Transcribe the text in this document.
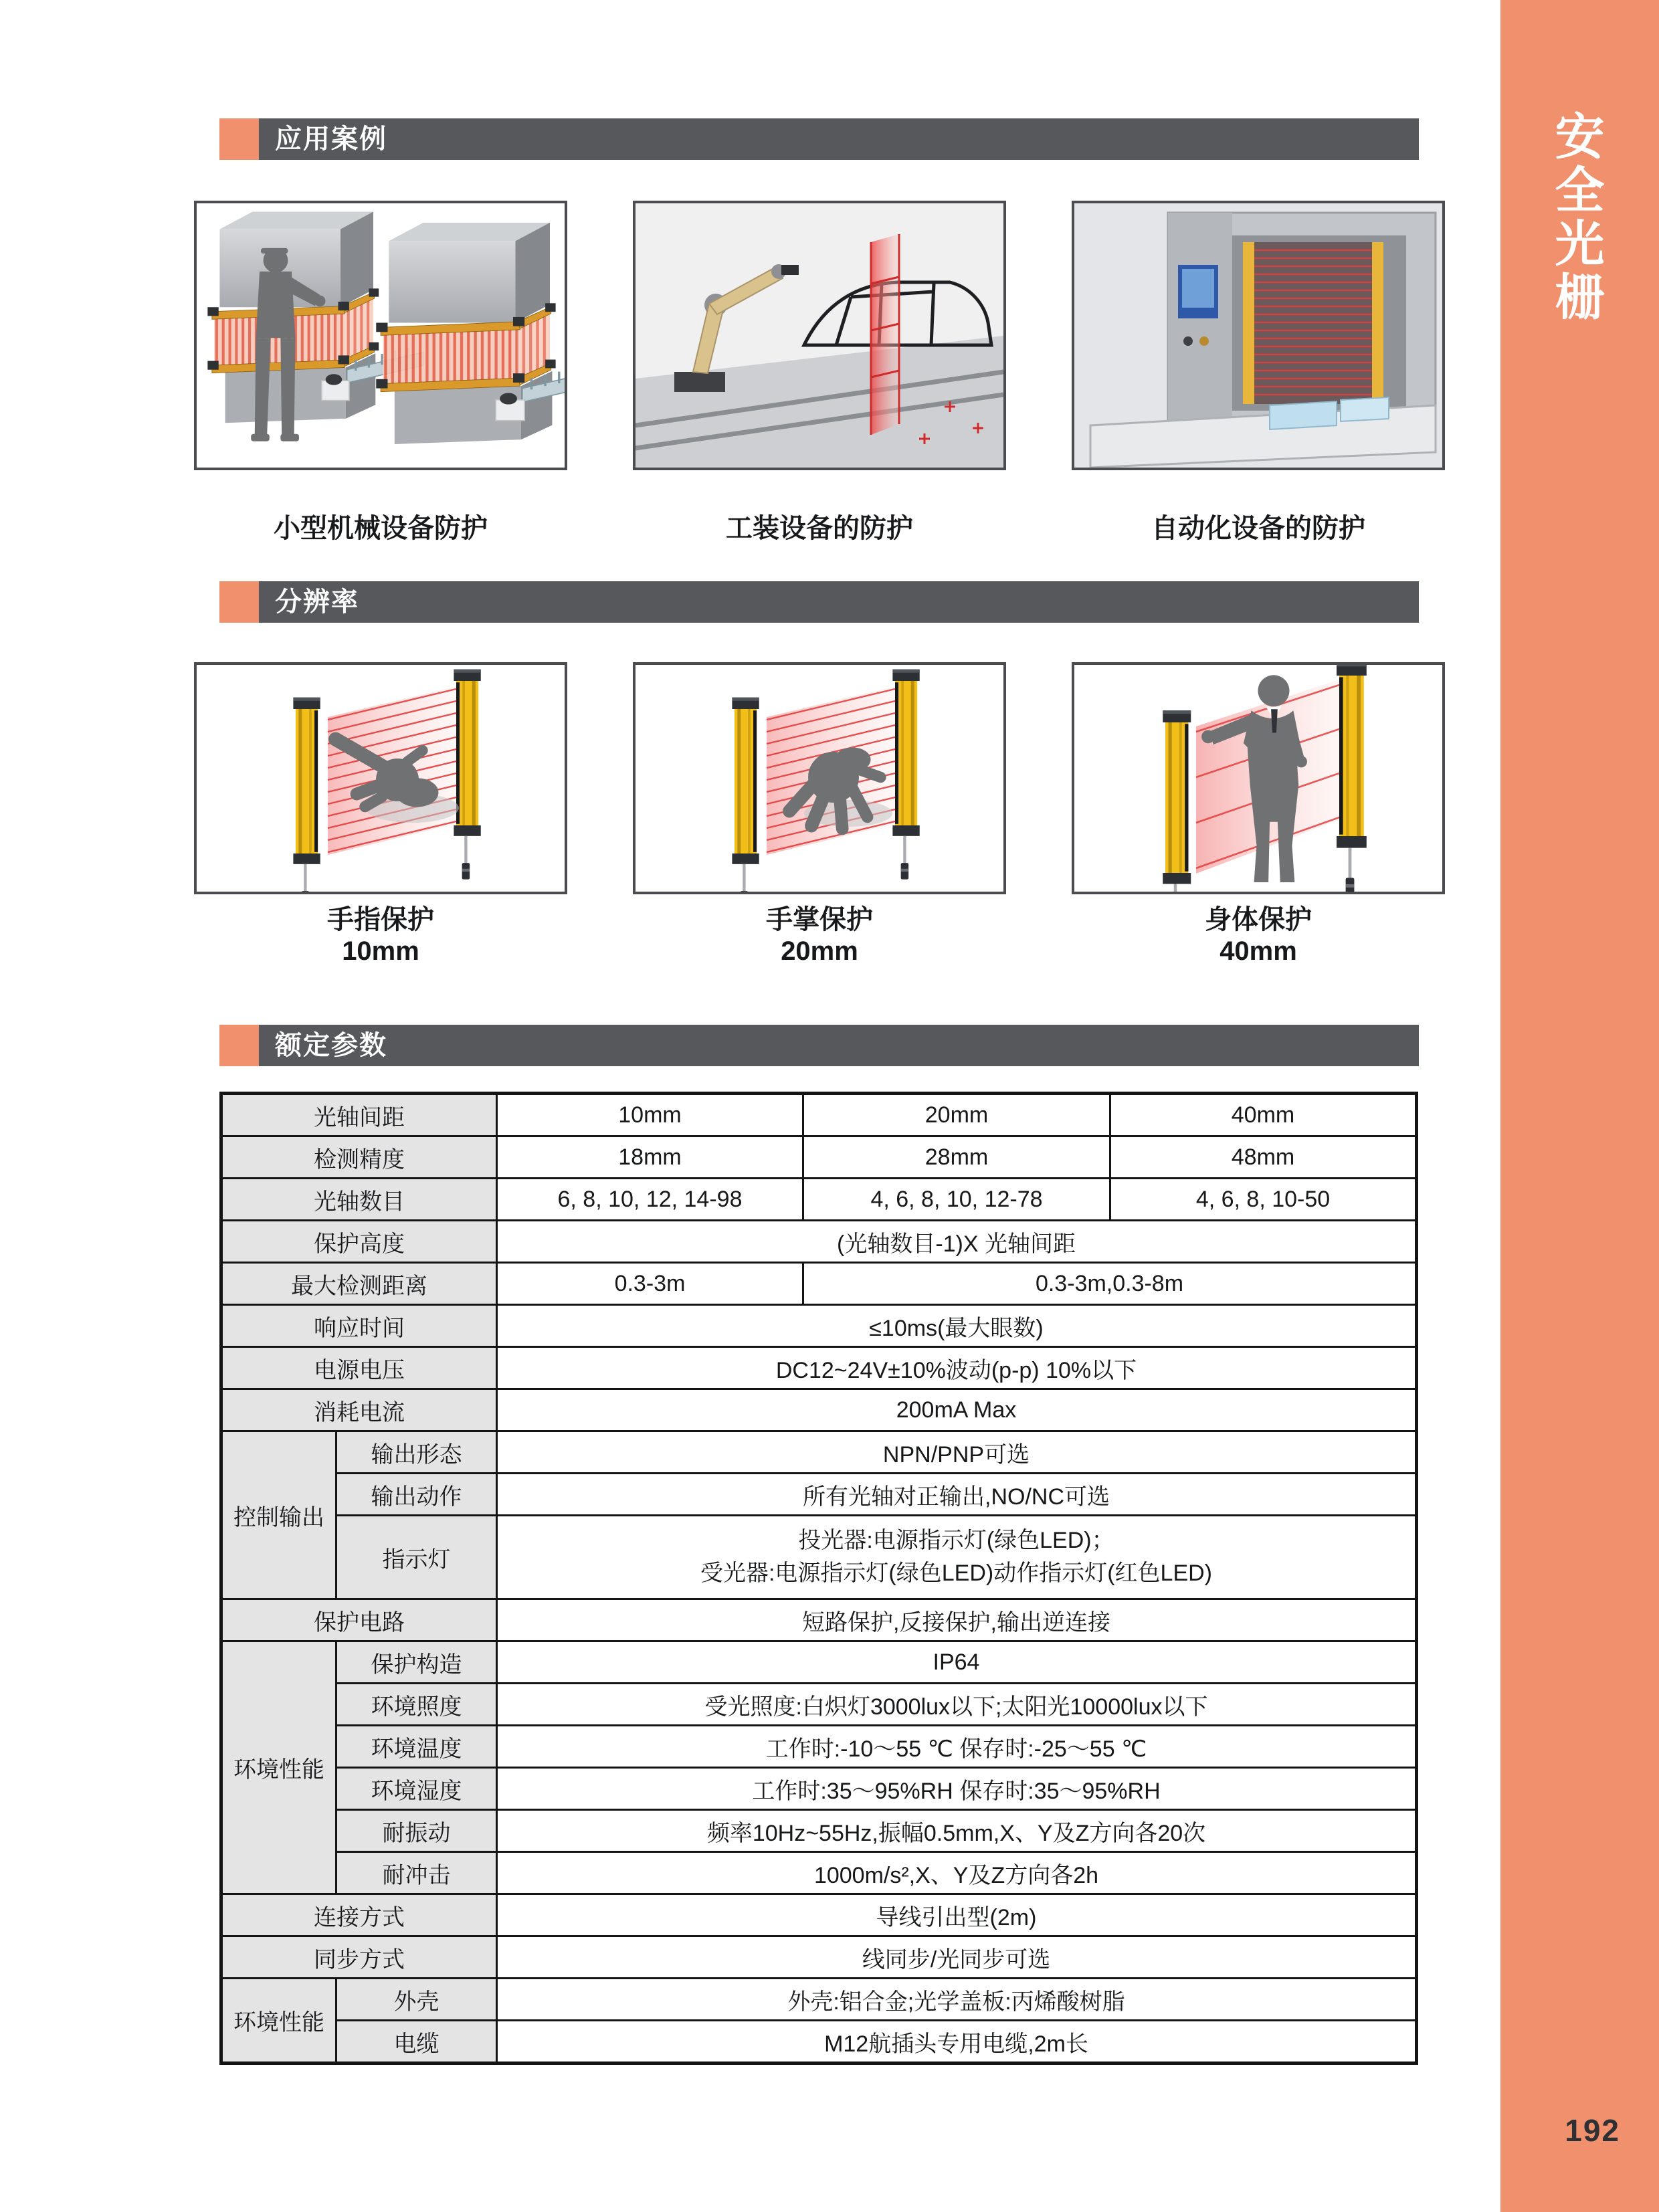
安
全
光
栅
192
应用案例
小型机械设备防护	工装设备的防护	自动化设备的防护
分辨率
手指保护
10mm
手掌保护
20mm
身体保护
40mm
额定参数
光轴间距		10mm	20mm	40mm
检测精度		18mm	28mm	48mm
光轴数目		6, 8, 10, 12, 14-98	4, 6, 8, 10, 12-78	4, 6, 8, 10-50
保护高度		(光轴数目-1)X 光轴间距		
最大检测距离		0.3-3m	0.3-3m,0.3-8m	
响应时间		≤10ms(最大眼数)		
电源电压		DC12~24V±10%波动(p-p) 10%以下		
消耗电流		200mA Max		
控制输出	输出形态	NPN/PNP可选		
	输出动作	所有光轴对正输出,NO/NC可选		
	指示灯	投光器:电源指示灯(绿色LED)；
受光器:电源指示灯(绿色LED)动作指示灯(红色LED)		

保护电路		短路保护,反接保护,输出逆连接		
环境性能	保护构造	IP64		
	环境照度	受光照度:白炽灯3000lux以下;太阳光10000lux以下		
	环境温度	工作时:-10～55 ℃ 保存时:-25～55 ℃		
	环境湿度	工作时:35～95%RH 保存时:35～95%RH		
	耐振动	频率10Hz~55Hz,振幅0.5mm,X、Y及Z方向各20次		
	耐冲击	1000m/s²,X、Y及Z方向各2h		
连接方式		导线引出型(2m)		
同步方式		线同步/光同步可选		
环境性能	外壳	外壳:铝合金;光学盖板:丙烯酸树脂		
	电缆	M12航插头专用电缆,2m长		
